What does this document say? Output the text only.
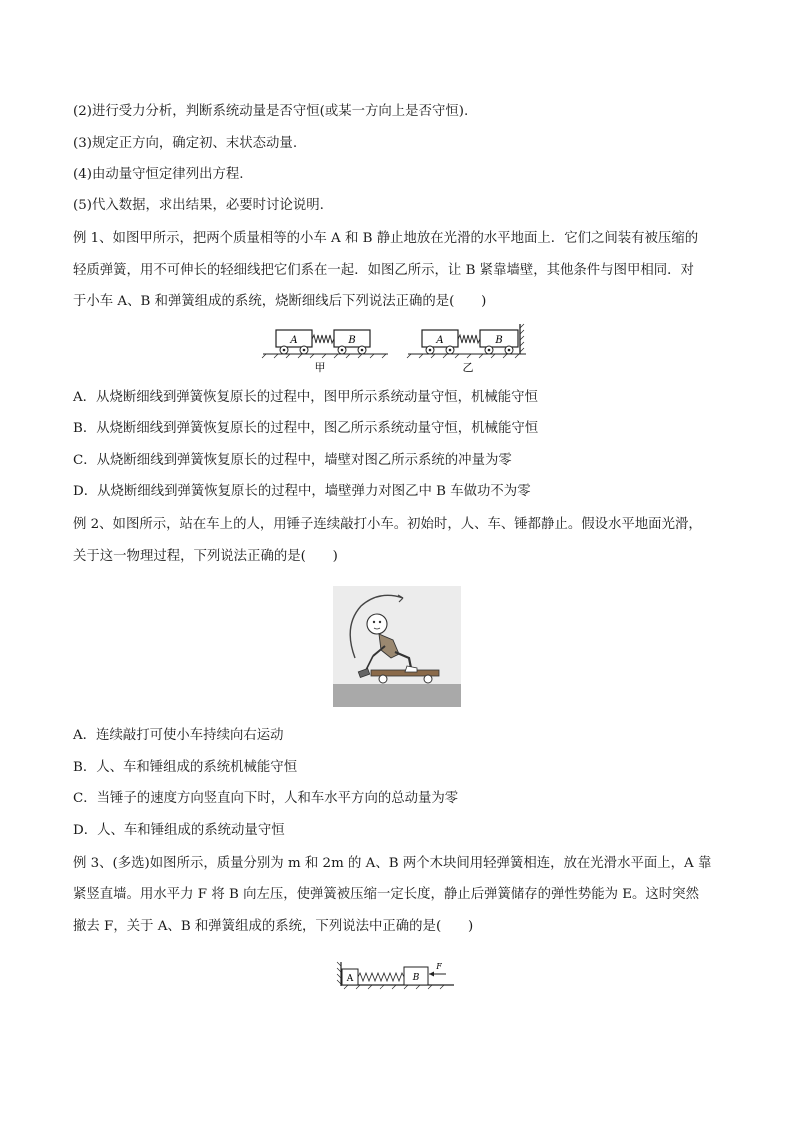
(2)进行受力分析，判断系统动量是否守恒(或某一方向上是否守恒).
(3)规定正方向，确定初、末状态动量.
(4)由动量守恒定律列出方程.
(5)代入数据，求出结果，必要时讨论说明.
例 1、如图甲所示，把两个质量相等的小车 A 和 B 静止地放在光滑的水平地面上．它们之间装有被压缩的
轻质弹簧，用不可伸长的轻细线把它们系在一起．如图乙所示，让 B 紧靠墙壁，其他条件与图甲相同．对
于小车 A、B 和弹簧组成的系统，烧断细线后下列说法正确的是(　　)
A	B
甲
A	B
乙
A．从烧断细线到弹簧恢复原长的过程中，图甲所示系统动量守恒，机械能守恒
B．从烧断细线到弹簧恢复原长的过程中，图乙所示系统动量守恒，机械能守恒
C．从烧断细线到弹簧恢复原长的过程中，墙壁对图乙所示系统的冲量为零
D．从烧断细线到弹簧恢复原长的过程中，墙壁弹力对图乙中 B 车做功不为零
例 2、如图所示，站在车上的人，用锤子连续敲打小车。初始时，人、车、锤都静止。假设水平地面光滑，
关于这一物理过程，下列说法正确的是(　　)
A．连续敲打可使小车持续向右运动
B．人、车和锤组成的系统机械能守恒
C．当锤子的速度方向竖直向下时，人和车水平方向的总动量为零
D．人、车和锤组成的系统动量守恒
例 3、(多选)如图所示，质量分别为 m 和 2m 的 A、B 两个木块间用轻弹簧相连，放在光滑水平面上，A 靠
紧竖直墙。用水平力 F 将 B 向左压，使弹簧被压缩一定长度，静止后弹簧储存的弹性势能为 E。这时突然
撤去 F，关于 A、B 和弹簧组成的系统，下列说法中正确的是(　　)
A	B
F
